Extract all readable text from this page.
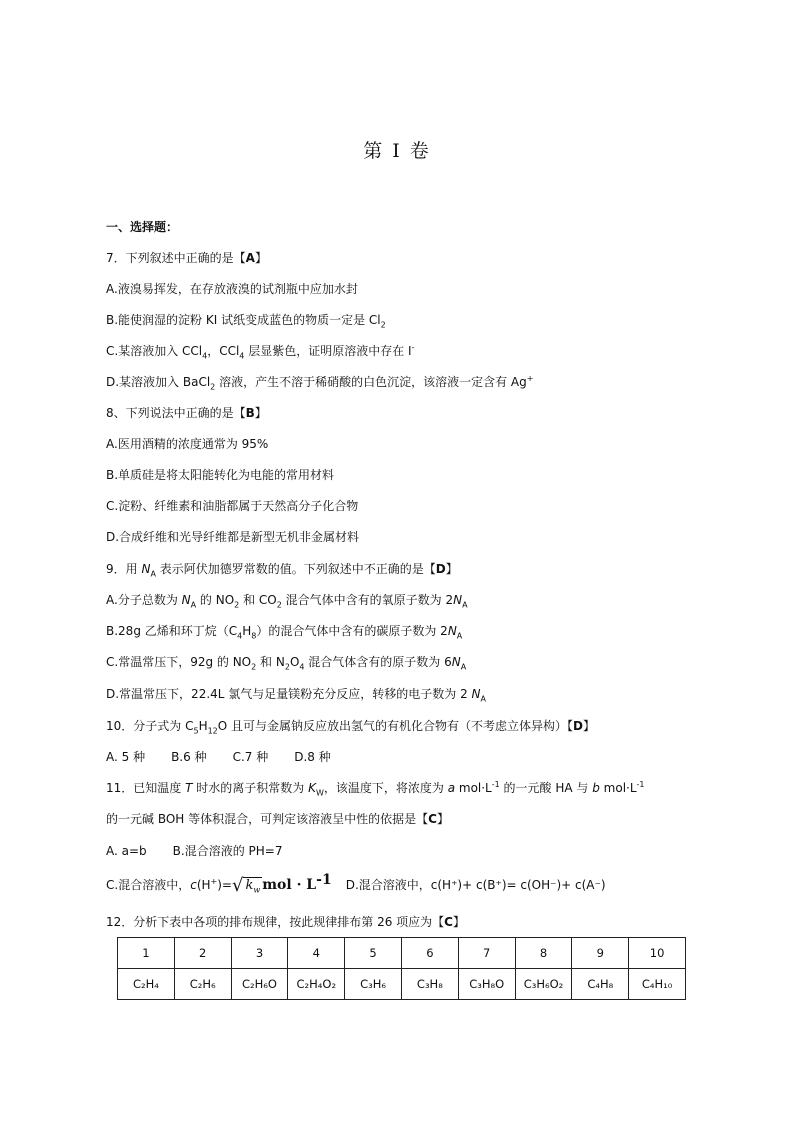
第 I 卷
一、选择题：
7．下列叙述中正确的是【A】
A.液溴易挥发，在存放液溴的试剂瓶中应加水封
B.能使润湿的淀粉 KI 试纸变成蓝色的物质一定是 $Cl_2$
C.某溶液加入 CCl$_4$，CCl$_4$ 层显紫色，证明原溶液中存在 I-
D.某溶液加入 BaCl$_2$ 溶液，产生不溶于稀硝酸的白色沉淀，该溶液一定含有 Ag+
8、下列说法中正确的是【B】
A.医用酒精的浓度通常为 95%
B.单质硅是将太阳能转化为电能的常用材料
C.淀粉、纤维素和油脂都属于天然高分子化合物
D.合成纤维和光导纤维都是新型无机非金属材料
9．用 $N_A$ 表示阿伏加德罗常数的值。下列叙述中不正确的是【D】
A.分子总数为 $N_A$ 的 $NO_2$ 和 $CO_2$ 混合气体中含有的氧原子数为 $2N_A$
B.28g 乙烯和环丁烷$(C_4H_8)$的混合气体中含有的碳原子数为 $2N_A$
C.常温常压下，92g 的 $NO_2$ 和 $N_2O_4$ 混合气体含有的原子数为 $6N_A$
D.常温常压下，22.4L 氯气与足量镁粉充分反应，转移的电子数为 2 $N_A$
10．分子式为 $C_5H_{12}O$ 且可与金属钠反应放出氢气的有机化合物有（不考虑立体异构）【D】
A. 5 种 B.6 种 C.7 种 D.8 种
11．已知温度 T 时水的离子积常数为 $K_W$，该温度下，将浓度为 a $mol\cdot L^{-1}$ 的一元酸 HA 与 b $mol\cdot L^{-1}$
的一元碱 BOH 等体积混合，可判定该溶液呈中性的依据是【C】
A. a=b B.混合溶液的 PH=7
C.混合溶液中，c(H+)=√ $k_w$ mol · $L^{-1}$ D.混合溶液中，c(H⁺)+ c(B⁺)= c(OH⁻)+ c(A⁻)
12．分析下表中各项的排布规律，按此规律排布第 26 项应为【C】
1	2	3	4	5	6	7	8	9	10
C₂H₄	C₂H₆	C₂H₆O	C₂H₄O₂	C₃H₆	C₃H₈	C₃H₈O	C₃H₆O₂	C₄H₈	C₄H₁₀
